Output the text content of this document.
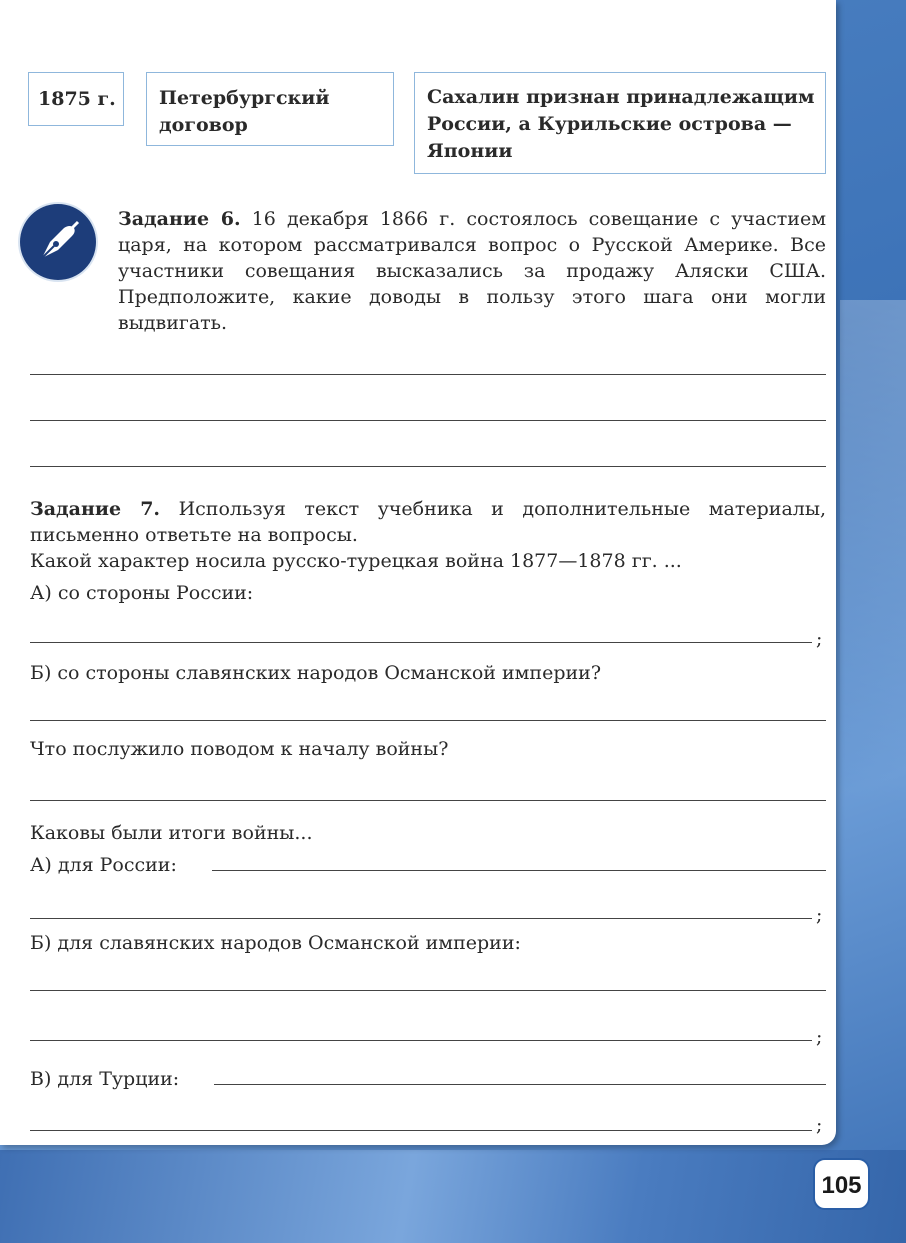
1875 г.	Петербургский договор
Сахалин признан принадлежащим России, а Курильские острова — Японии
Задание 6. 16 декабря 1866 г. состоялось совещание с участием царя, на котором рассматривался вопрос о Русской Америке. Все участники совещания высказались за продажу Аляски США. Предположите, какие доводы в пользу этого шага они могли выдвигать.
Задание 7. Используя текст учебника и дополнительные материалы, письменно ответьте на вопросы.
Какой характер носила русско-турецкая война 1877—1878 гг. ...
А) со стороны России:
;
Б) со стороны славянских народов Османской империи?
Что послужило поводом к началу войны?
Каковы были итоги войны...
А) для России:
;
Б) для славянских народов Османской империи:
;
В) для Турции:
;
105
